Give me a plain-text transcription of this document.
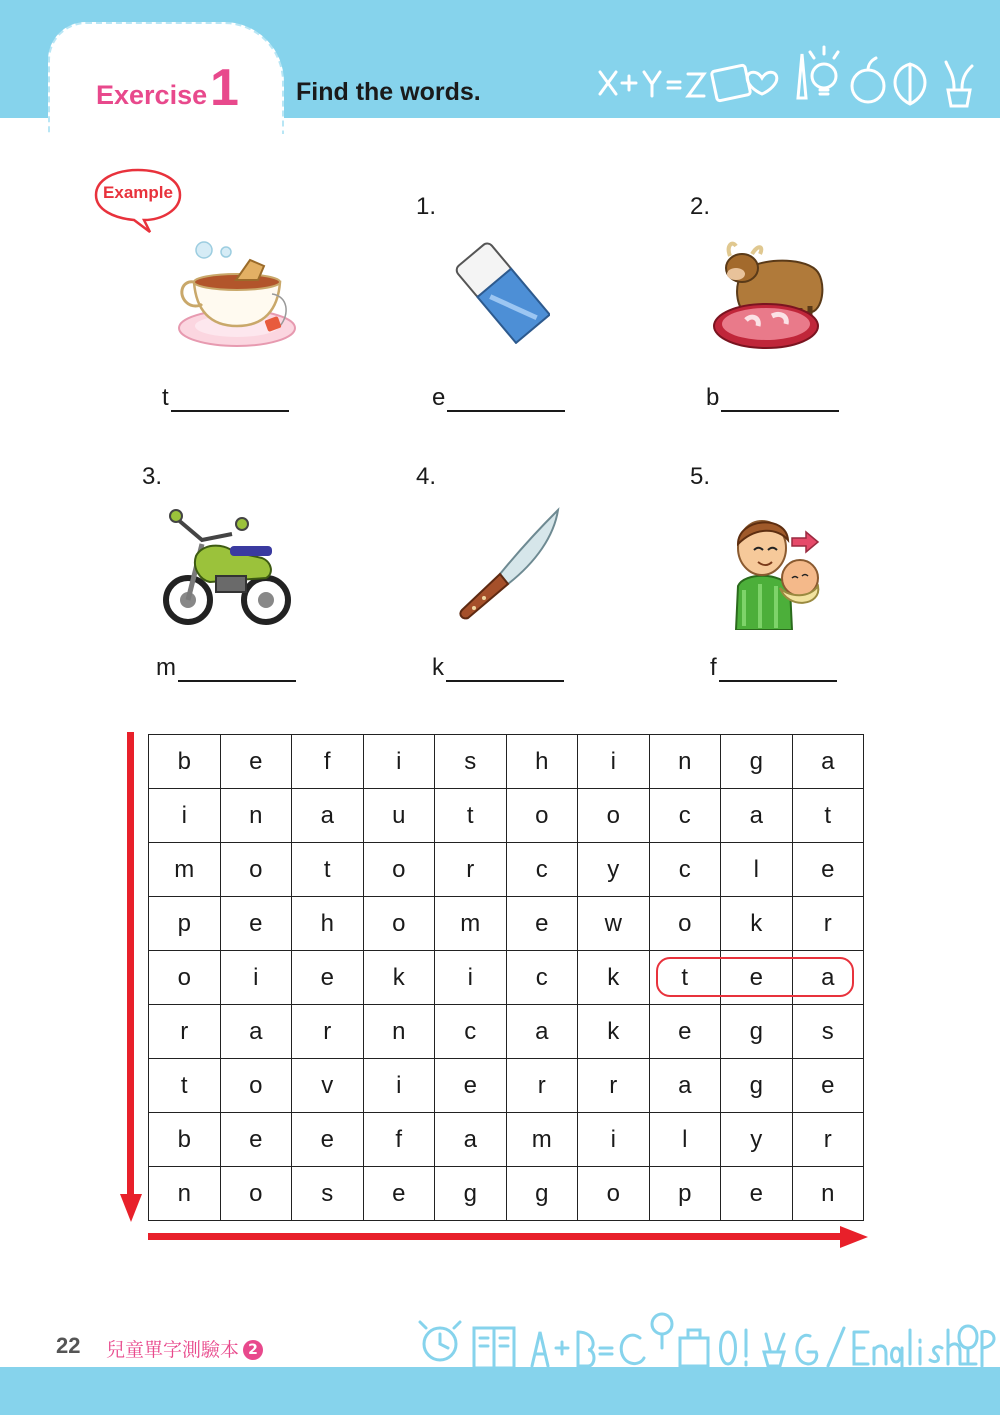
Exercise 1 Find the words.
Example
t
1.
e
2.
b
3.
m
4.
k
5.
f
b	e	f	i	s	h	i	n	g	a
i	n	a	u	t	o	o	c	a	t
m	o	t	o	r	c	y	c	l	e
p	e	h	o	m	e	w	o	k	r
o	i	e	k	i	c	k	t	e	a
r	a	r	n	c	a	k	e	g	s
t	o	v	i	e	r	r	a	g	e
b	e	e	f	a	m	i	l	y	r
n	o	s	e	g	g	o	p	e	n
22 兒童單字測驗本 2
